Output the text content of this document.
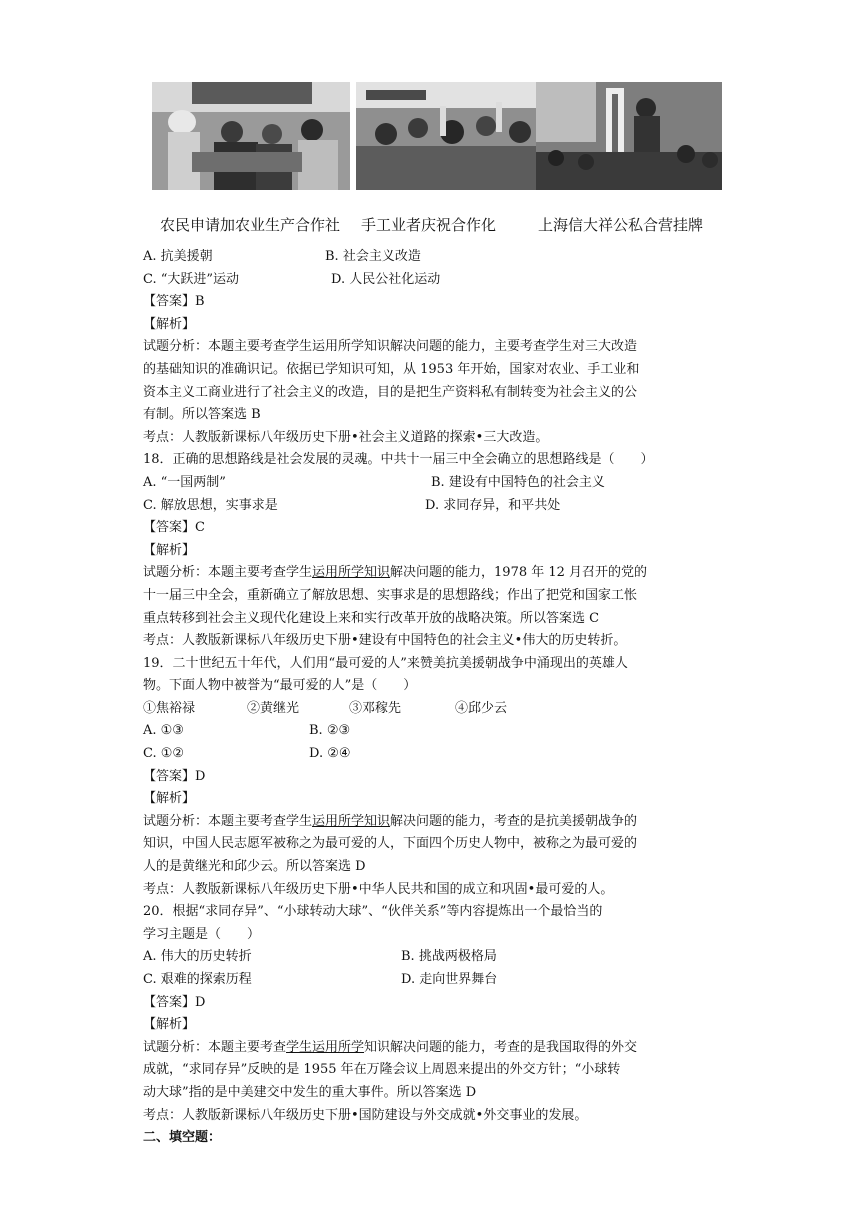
农民申请加农业生产合作社 手工业者庆祝合作化	上海信大祥公私合营挂牌
A. 抗美援朝	B. 社会主义改造
C. “大跃进”运动	D. 人民公社化运动

【答案】B

【解析】

试题分析：本题主要考查学生运用所学知识解决问题的能力，主要考查学生对三大改造

的基础知识的准确识记。依据已学知识可知，从 1953 年开始，国家对农业、手工业和

资本主义工商业进行了社会主义的改造，目的是把生产资料私有制转变为社会主义的公

有制。所以答案选 B

考点：人教版新课标八年级历史下册•社会主义道路的探索•三大改造。

18．正确的思想路线是社会发展的灵魂。中共十一届三中全会确立的思想路线是（　　）

A. “一国两制”	B. 建设有中国特色的社会主义
C. 解放思想，实事求是	D. 求同存异，和平共处

【答案】C

【解析】

试题分析：本题主要考查学生运用所学知识解决问题的能力，1978 年 12 月召开的党的

十一届三中全会，重新确立了解放思想、实事求是的思想路线；作出了把党和国家工怅

重点转移到社会主义现代化建设上来和实行改革开放的战略决策。所以答案选 C

考点：人教版新课标八年级历史下册•建设有中国特色的社会主义•伟大的历史转折。

19．二十世纪五十年代，人们用“最可爱的人”来赞美抗美援朝战争中涌现出的英雄人

物。下面人物中被誉为“最可爱的人”是（　　）

①焦裕禄	②黄继光	③邓稼先	④邱少云
A. ①③	B. ②③
C. ①②	D. ②④

【答案】D

【解析】

试题分析：本题主要考查学生运用所学知识解决问题的能力，考查的是抗美援朝战争的

知识，中国人民志愿军被称之为最可爱的人，下面四个历史人物中，被称之为最可爱的

人的是黄继光和邱少云。所以答案选 D

考点：人教版新课标八年级历史下册•中华人民共和国的成立和巩固•最可爱的人。

20．根据“求同存异”、“小球转动大球”、“伙伴关系”等内容提炼出一个最恰当的

学习主题是（　　）

A. 伟大的历史转折	B. 挑战两极格局
C. 艰难的探索历程	D. 走向世界舞台

【答案】D

【解析】

试题分析：本题主要考查学生运用所学知识解决问题的能力，考查的是我国取得的外交

成就，“求同存异”反映的是 1955 年在万隆会议上周恩来提出的外交方针；“小球转

动大球”指的是中美建交中发生的重大事件。所以答案选 D

考点：人教版新课标八年级历史下册•国防建设与外交成就•外交事业的发展。

二、填空题：
